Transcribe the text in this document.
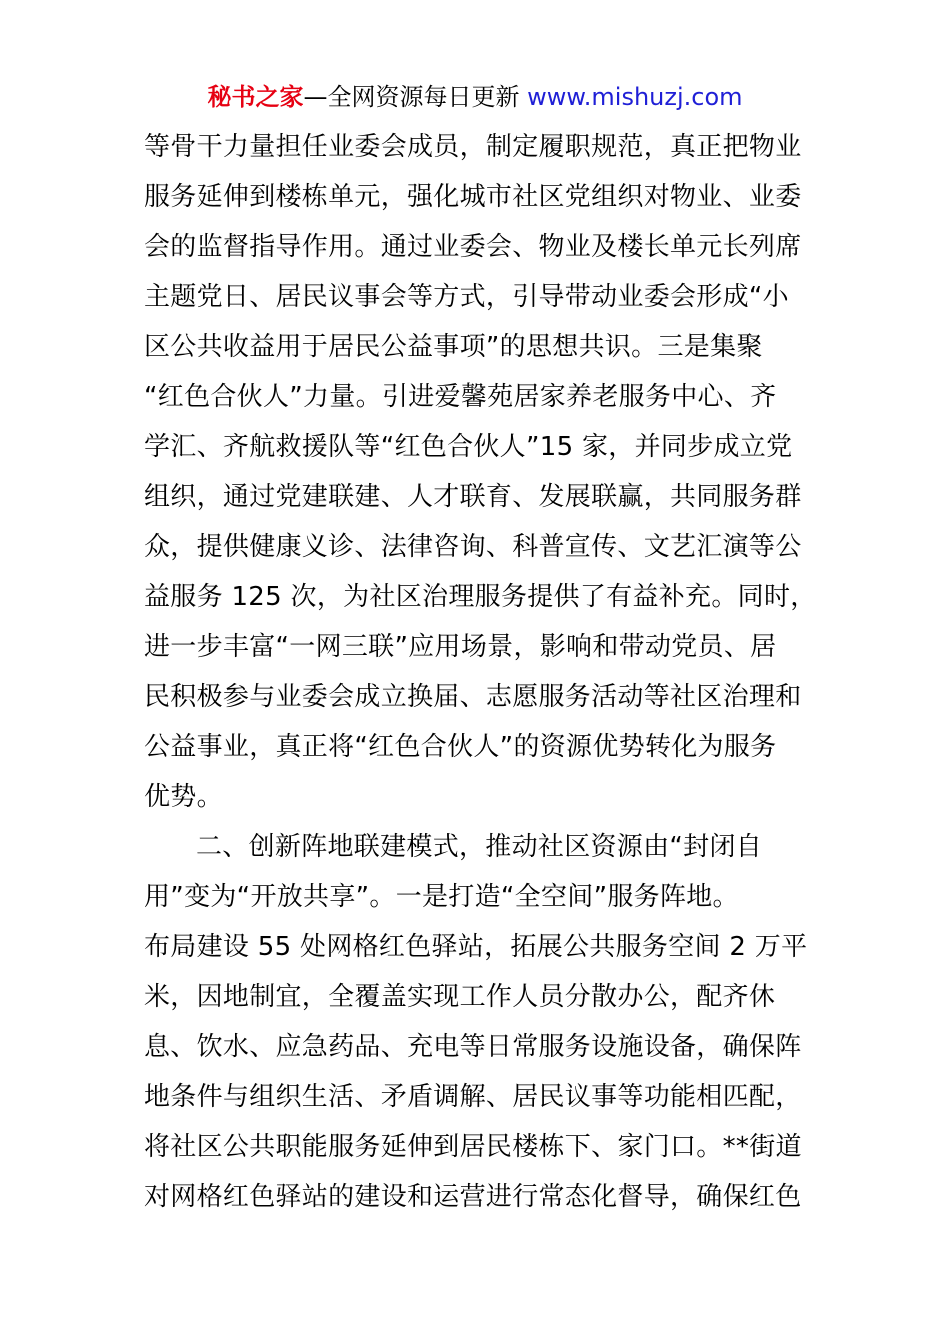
秘书之家—全网资源每日更新 www.mishuzj.com
等骨干力量担任业委会成员，制定履职规范，真正把物业
服务延伸到楼栋单元，强化城市社区党组织对物业、业委
会的监督指导作用。通过业委会、物业及楼长单元长列席
主题党日、居民议事会等方式，引导带动业委会形成“小
区公共收益用于居民公益事项”的思想共识。三是集聚
“红色合伙人”力量。引进爱馨苑居家养老服务中心、齐
学汇、齐航救援队等“红色合伙人”15 家，并同步成立党
组织，通过党建联建、人才联育、发展联赢，共同服务群
众，提供健康义诊、法律咨询、科普宣传、文艺汇演等公
益服务 125 次，为社区治理服务提供了有益补充。同时，
进一步丰富“一网三联”应用场景，影响和带动党员、居
民积极参与业委会成立换届、志愿服务活动等社区治理和
公益事业，真正将“红色合伙人”的资源优势转化为服务
优势。
二、创新阵地联建模式，推动社区资源由“封闭自
用”变为“开放共享”。一是打造“全空间”服务阵地。
布局建设 55 处网格红色驿站，拓展公共服务空间 2 万平
米，因地制宜，全覆盖实现工作人员分散办公，配齐休
息、饮水、应急药品、充电等日常服务设施设备，确保阵
地条件与组织生活、矛盾调解、居民议事等功能相匹配，
将社区公共职能服务延伸到居民楼栋下、家门口。**街道
对网格红色驿站的建设和运营进行常态化督导，确保红色
